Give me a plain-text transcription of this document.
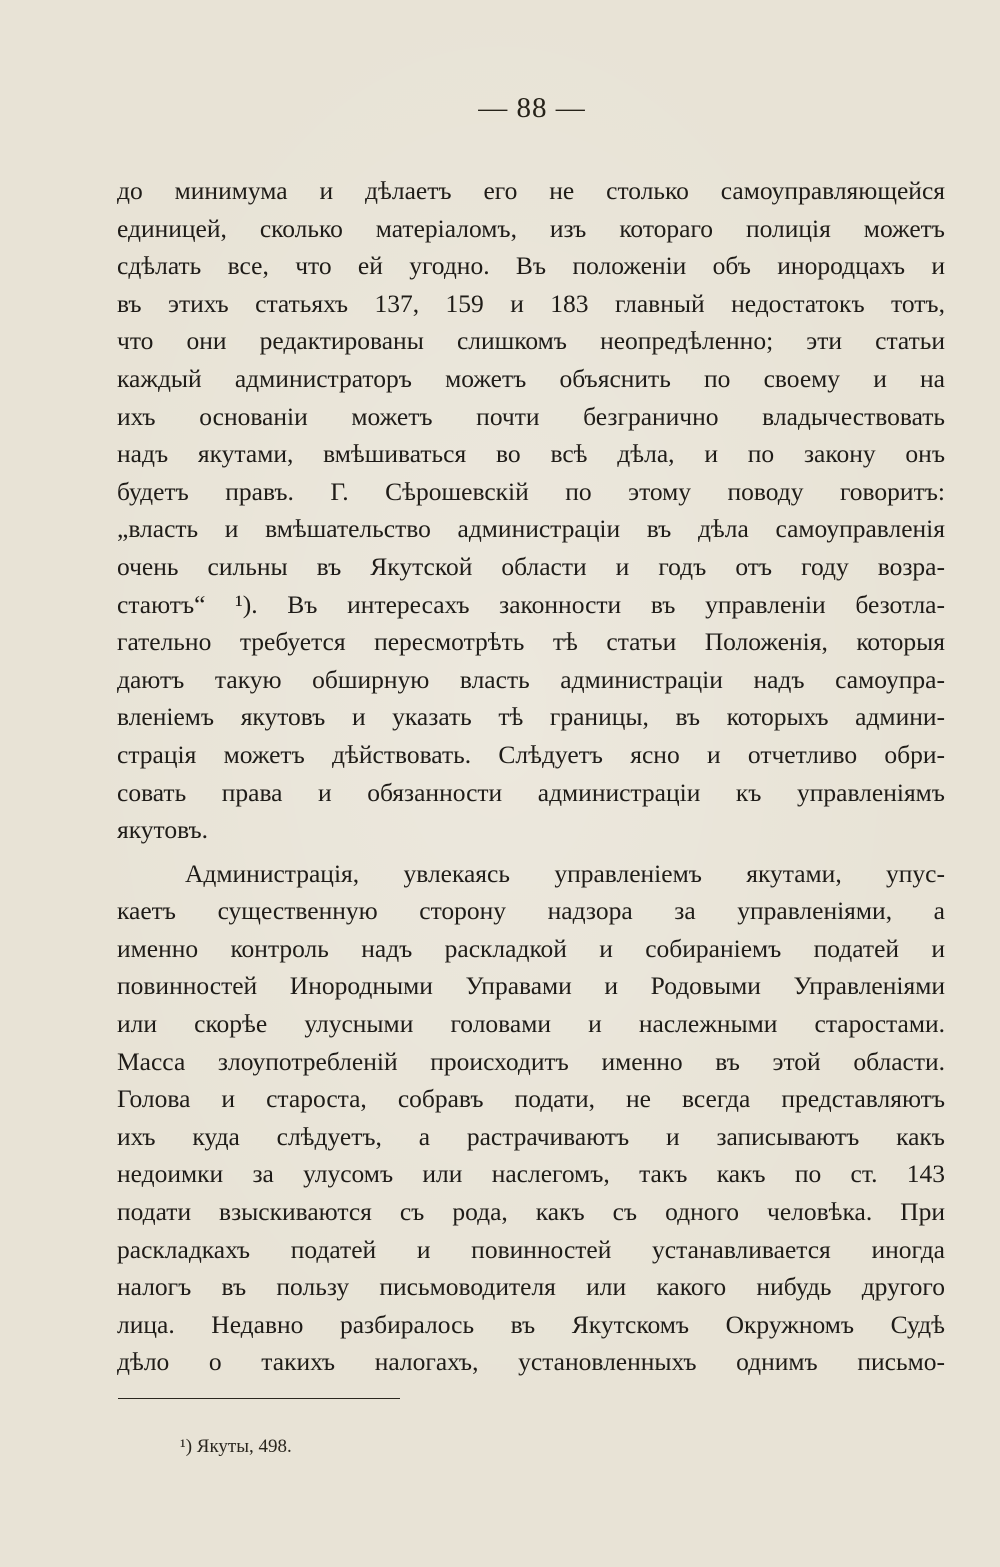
— 88 —
до минимума и дѣлаетъ его не столько самоуправляющейся
единицей, сколько матеріаломъ, изъ котораго полиція можетъ
сдѣлать все, что ей угодно. Въ положеніи объ инородцахъ и
въ этихъ статьяхъ 137, 159 и 183 главный недостатокъ тотъ,
что они редактированы слишкомъ неопредѣленно; эти статьи
каждый администраторъ можетъ объяснить по своему и на
ихъ основаніи можетъ почти безгранично владычествовать
надъ якутами, вмѣшиваться во всѣ дѣла, и по закону онъ
будетъ правъ. Г. Сѣрошевскій по этому поводу говоритъ:
„власть и вмѣшательство администраціи въ дѣла самоуправленія
очень сильны въ Якутской области и годъ отъ году возра-
стаютъ“ ¹). Въ интересахъ законности въ управленіи безотла-
гательно требуется пересмотрѣть тѣ статьи Положенія, которыя
даютъ такую обширную власть администраціи надъ самоупра-
вленіемъ якутовъ и указать тѣ границы, въ которыхъ админи-
страція можетъ дѣйствовать. Слѣдуетъ ясно и отчетливо обри-
совать права и обязанности администраціи къ управленіямъ
якутовъ.
Администрація, увлекаясь управленіемъ якутами, упус-
каетъ существенную сторону надзора за управленіями, а
именно контроль надъ раскладкой и собираніемъ податей и
повинностей Инородными Управами и Родовыми Управленіями
или скорѣе улусными головами и наслежными старостами.
Масса злоупотребленій происходитъ именно въ этой области.
Голова и староста, собравъ подати, не всегда представляютъ
ихъ куда слѣдуетъ, а растрачиваютъ и записываютъ какъ
недоимки за улусомъ или наслегомъ, такъ какъ по ст. 143
подати взыскиваются съ рода, какъ съ одного человѣка. При
раскладкахъ податей и повинностей устанавливается иногда
налогъ въ пользу письмоводителя или какого нибудь другого
лица. Недавно разбиралось въ Якутскомъ Окружномъ Судѣ
дѣло о такихъ налогахъ, установленныхъ однимъ письмо-
¹) Якуты, 498.
